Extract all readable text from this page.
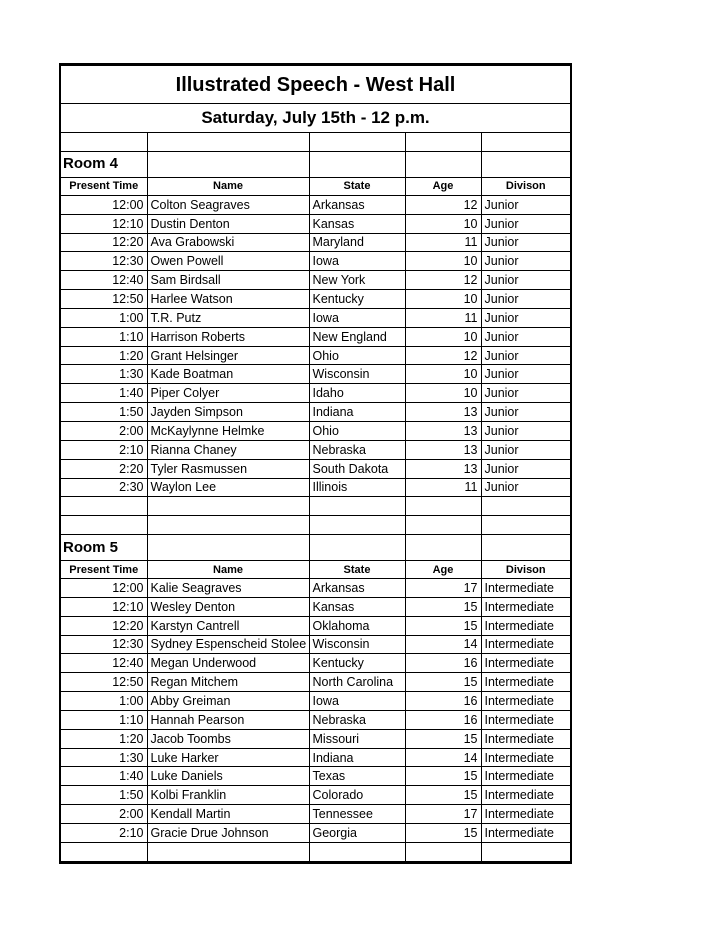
Illustrated Speech - West Hall				
Saturday, July 15th - 12 p.m.				

Room 4				
Present Time	Name	State	Age	Divison
12:00	Colton Seagraves	Arkansas	12	Junior
12:10	Dustin Denton	Kansas	10	Junior
12:20	Ava Grabowski	Maryland	11	Junior
12:30	Owen Powell	Iowa	10	Junior
12:40	Sam Birdsall	New York	12	Junior
12:50	Harlee Watson	Kentucky	10	Junior
1:00	T.R. Putz	Iowa	11	Junior
1:10	Harrison Roberts	New England	10	Junior
1:20	Grant Helsinger	Ohio	12	Junior
1:30	Kade Boatman	Wisconsin	10	Junior
1:40	Piper Colyer	Idaho	10	Junior
1:50	Jayden Simpson	Indiana	13	Junior
2:00	McKaylynne Helmke	Ohio	13	Junior
2:10	Rianna Chaney	Nebraska	13	Junior
2:20	Tyler Rasmussen	South Dakota	13	Junior
2:30	Waylon Lee	Illinois	11	Junior

Room 5				
Present Time	Name	State	Age	Divison
12:00	Kalie Seagraves	Arkansas	17	Intermediate
12:10	Wesley Denton	Kansas	15	Intermediate
12:20	Karstyn Cantrell	Oklahoma	15	Intermediate
12:30	Sydney Espenscheid Stolee	Wisconsin	14	Intermediate
12:40	Megan Underwood	Kentucky	16	Intermediate
12:50	Regan Mitchem	North Carolina	15	Intermediate
1:00	Abby Greiman	Iowa	16	Intermediate
1:10	Hannah Pearson	Nebraska	16	Intermediate
1:20	Jacob Toombs	Missouri	15	Intermediate
1:30	Luke Harker	Indiana	14	Intermediate
1:40	Luke Daniels	Texas	15	Intermediate
1:50	Kolbi Franklin	Colorado	15	Intermediate
2:00	Kendall Martin	Tennessee	17	Intermediate
2:10	Gracie Drue Johnson	Georgia	15	Intermediate
